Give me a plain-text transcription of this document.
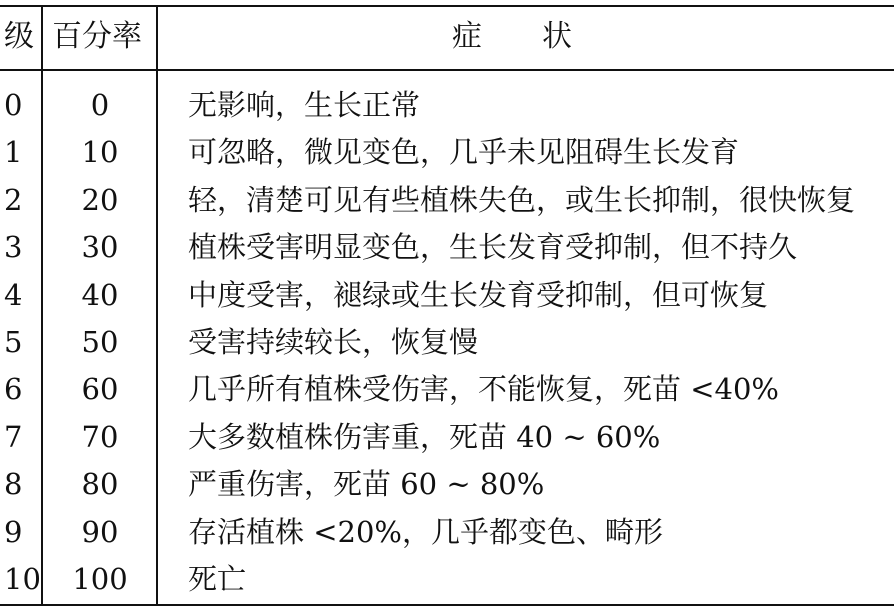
级 百分率	症　　状
0	0	无影响，生长正常
1	10	可忽略，微见变色，几乎未见阻碍生长发育
2	20	轻，清楚可见有些植株失色，或生长抑制，很快恢复
3	30	植株受害明显变色，生长发育受抑制，但不持久
4	40	中度受害，褪绿或生长发育受抑制，但可恢复
5	50	受害持续较长，恢复慢
6	60	几乎所有植株受伤害，不能恢复，死苗 <40%
7	70	大多数植株伤害重，死苗 40 ~ 60%
8	80	严重伤害，死苗 60 ~ 80%
9	90	存活植株 <20%，几乎都变色、畸形
10	100	死亡
